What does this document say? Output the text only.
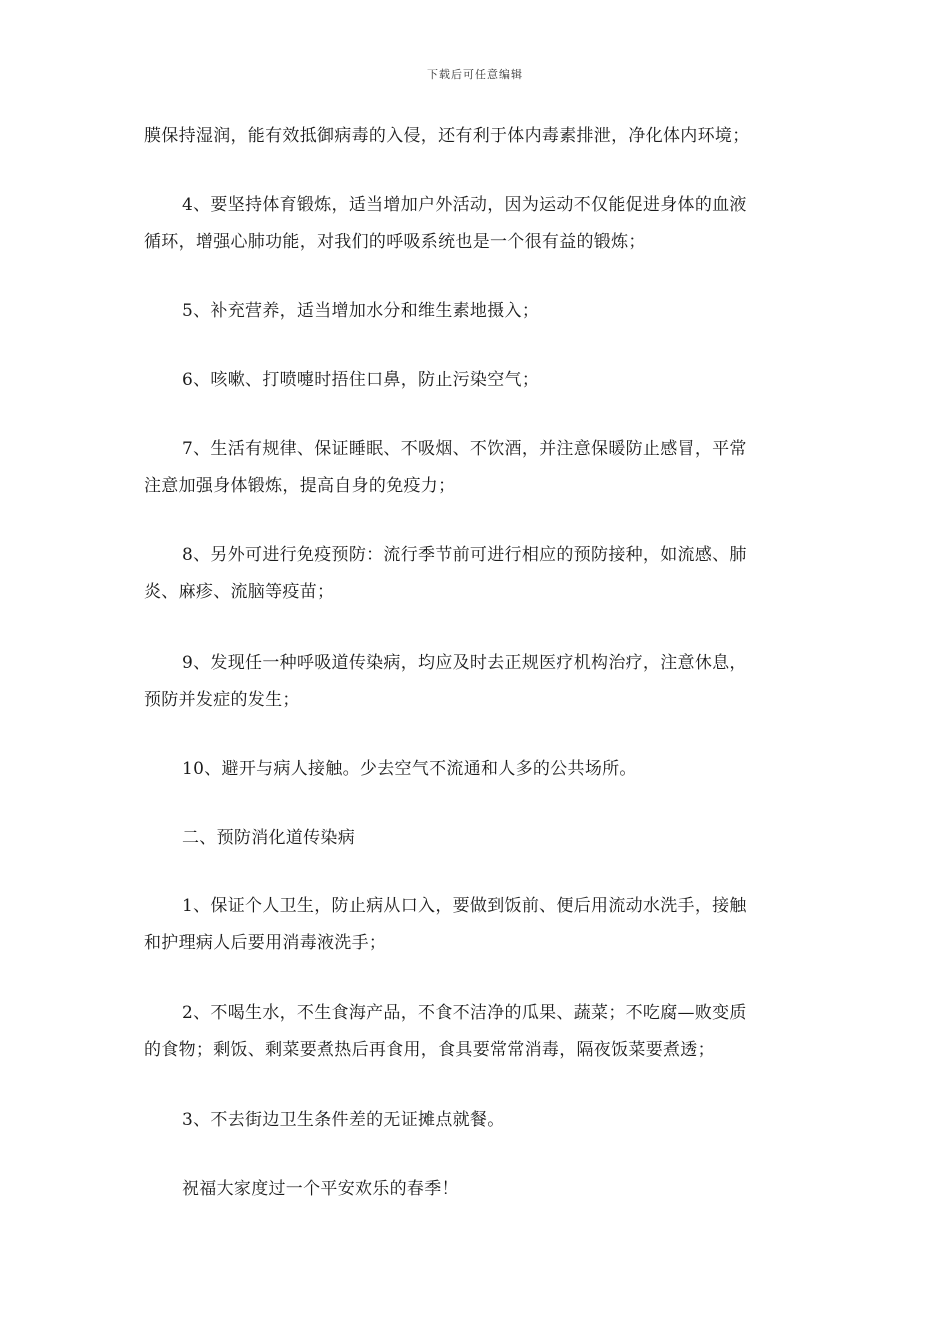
下载后可任意编辑

膜保持湿润，能有效抵御病毒的入侵，还有利于体内毒素排泄，净化体内环境；

4、要坚持体育锻炼，适当增加户外活动，因为运动不仅能促进身体的血液
循环，增强心肺功能，对我们的呼吸系统也是一个很有益的锻炼；

5、补充营养，适当增加水分和维生素地摄入；

6、咳嗽、打喷嚏时捂住口鼻，防止污染空气；

7、生活有规律、保证睡眠、不吸烟、不饮酒，并注意保暖防止感冒，平常
注意加强身体锻炼，提高自身的免疫力；

8、另外可进行免疫预防：流行季节前可进行相应的预防接种，如流感、肺
炎、麻疹、流脑等疫苗；

9、发现任一种呼吸道传染病，均应及时去正规医疗机构治疗，注意休息，
预防并发症的发生；

10、避开与病人接触。少去空气不流通和人多的公共场所。

二、预防消化道传染病

1、保证个人卫生，防止病从口入，要做到饭前、便后用流动水洗手，接触
和护理病人后要用消毒液洗手；

2、不喝生水，不生食海产品，不食不洁净的瓜果、蔬菜；不吃腐—败变质
的食物；剩饭、剩菜要煮热后再食用，食具要常常消毒，隔夜饭菜要煮透；

3、不去街边卫生条件差的无证摊点就餐。

祝福大家度过一个平安欢乐的春季！
